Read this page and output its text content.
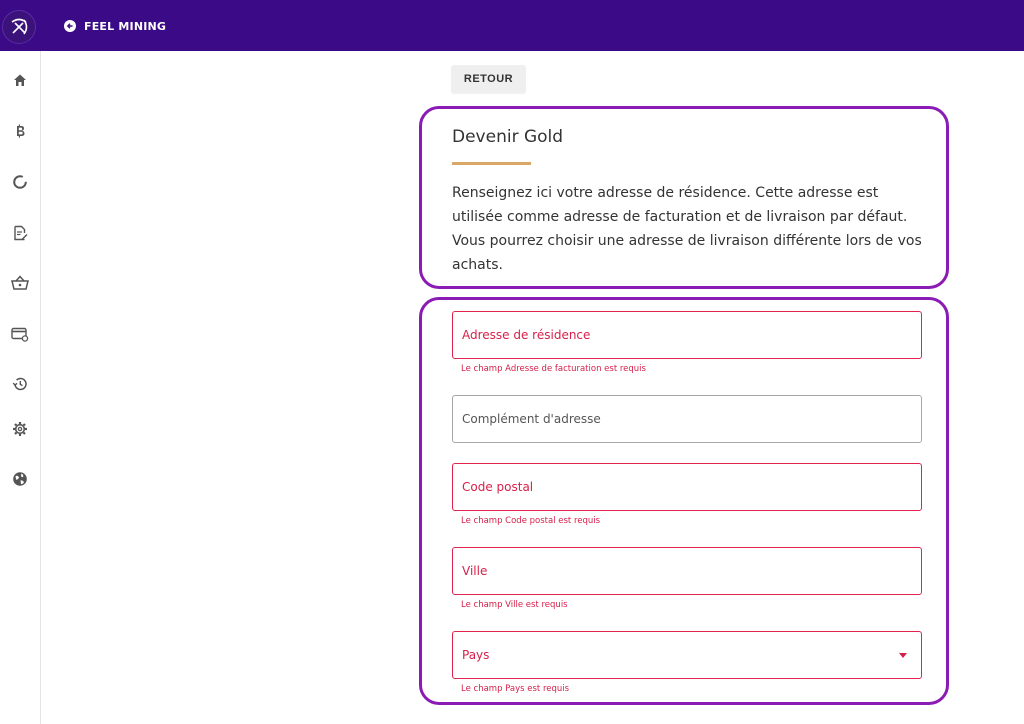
FEEL MINING
RETOUR
Devenir Gold
Renseignez ici votre adresse de résidence. Cette adresse est utilisée comme adresse de facturation et de livraison par défaut. Vous pourrez choisir une adresse de livraison différente lors de vos achats.
Adresse de résidence
Le champ Adresse de facturation est requis
Complément d'adresse
Code postal
Le champ Code postal est requis
Ville
Le champ Ville est requis
Pays
Le champ Pays est requis
